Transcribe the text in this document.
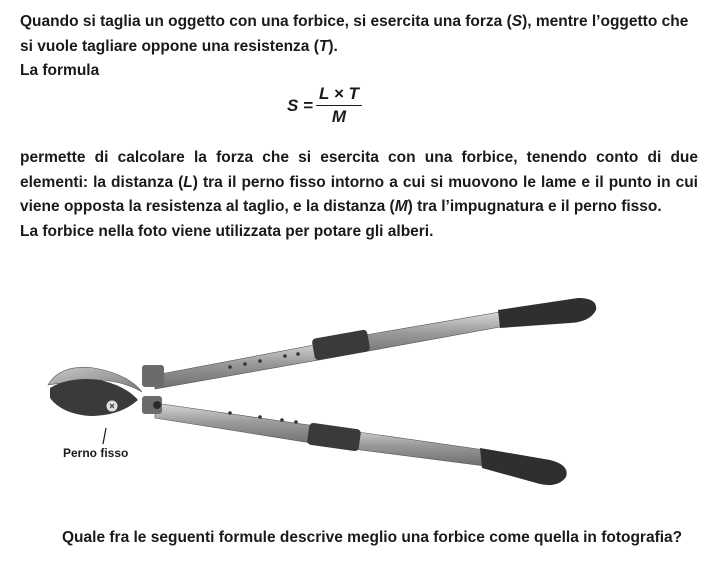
Quando si taglia un oggetto con una forbice, si esercita una forza (S), mentre l’oggetto che

si vuole tagliare oppone una resistenza (T).

La formula

$S = \frac{L \times T}{M}$

permette di calcolare la forza che si esercita con una forbice, tenendo conto di due elementi: la distanza (L) tra il perno fisso intorno a cui si muovono le lame e il punto in cui viene opposta la resistenza al taglio, e la distanza (M) tra l’impugnatura e il perno fisso.

La forbice nella foto viene utilizzata per potare gli alberi.

Perno fisso
Quale fra le seguenti formule descrive meglio una forbice come quella in fotografia?
